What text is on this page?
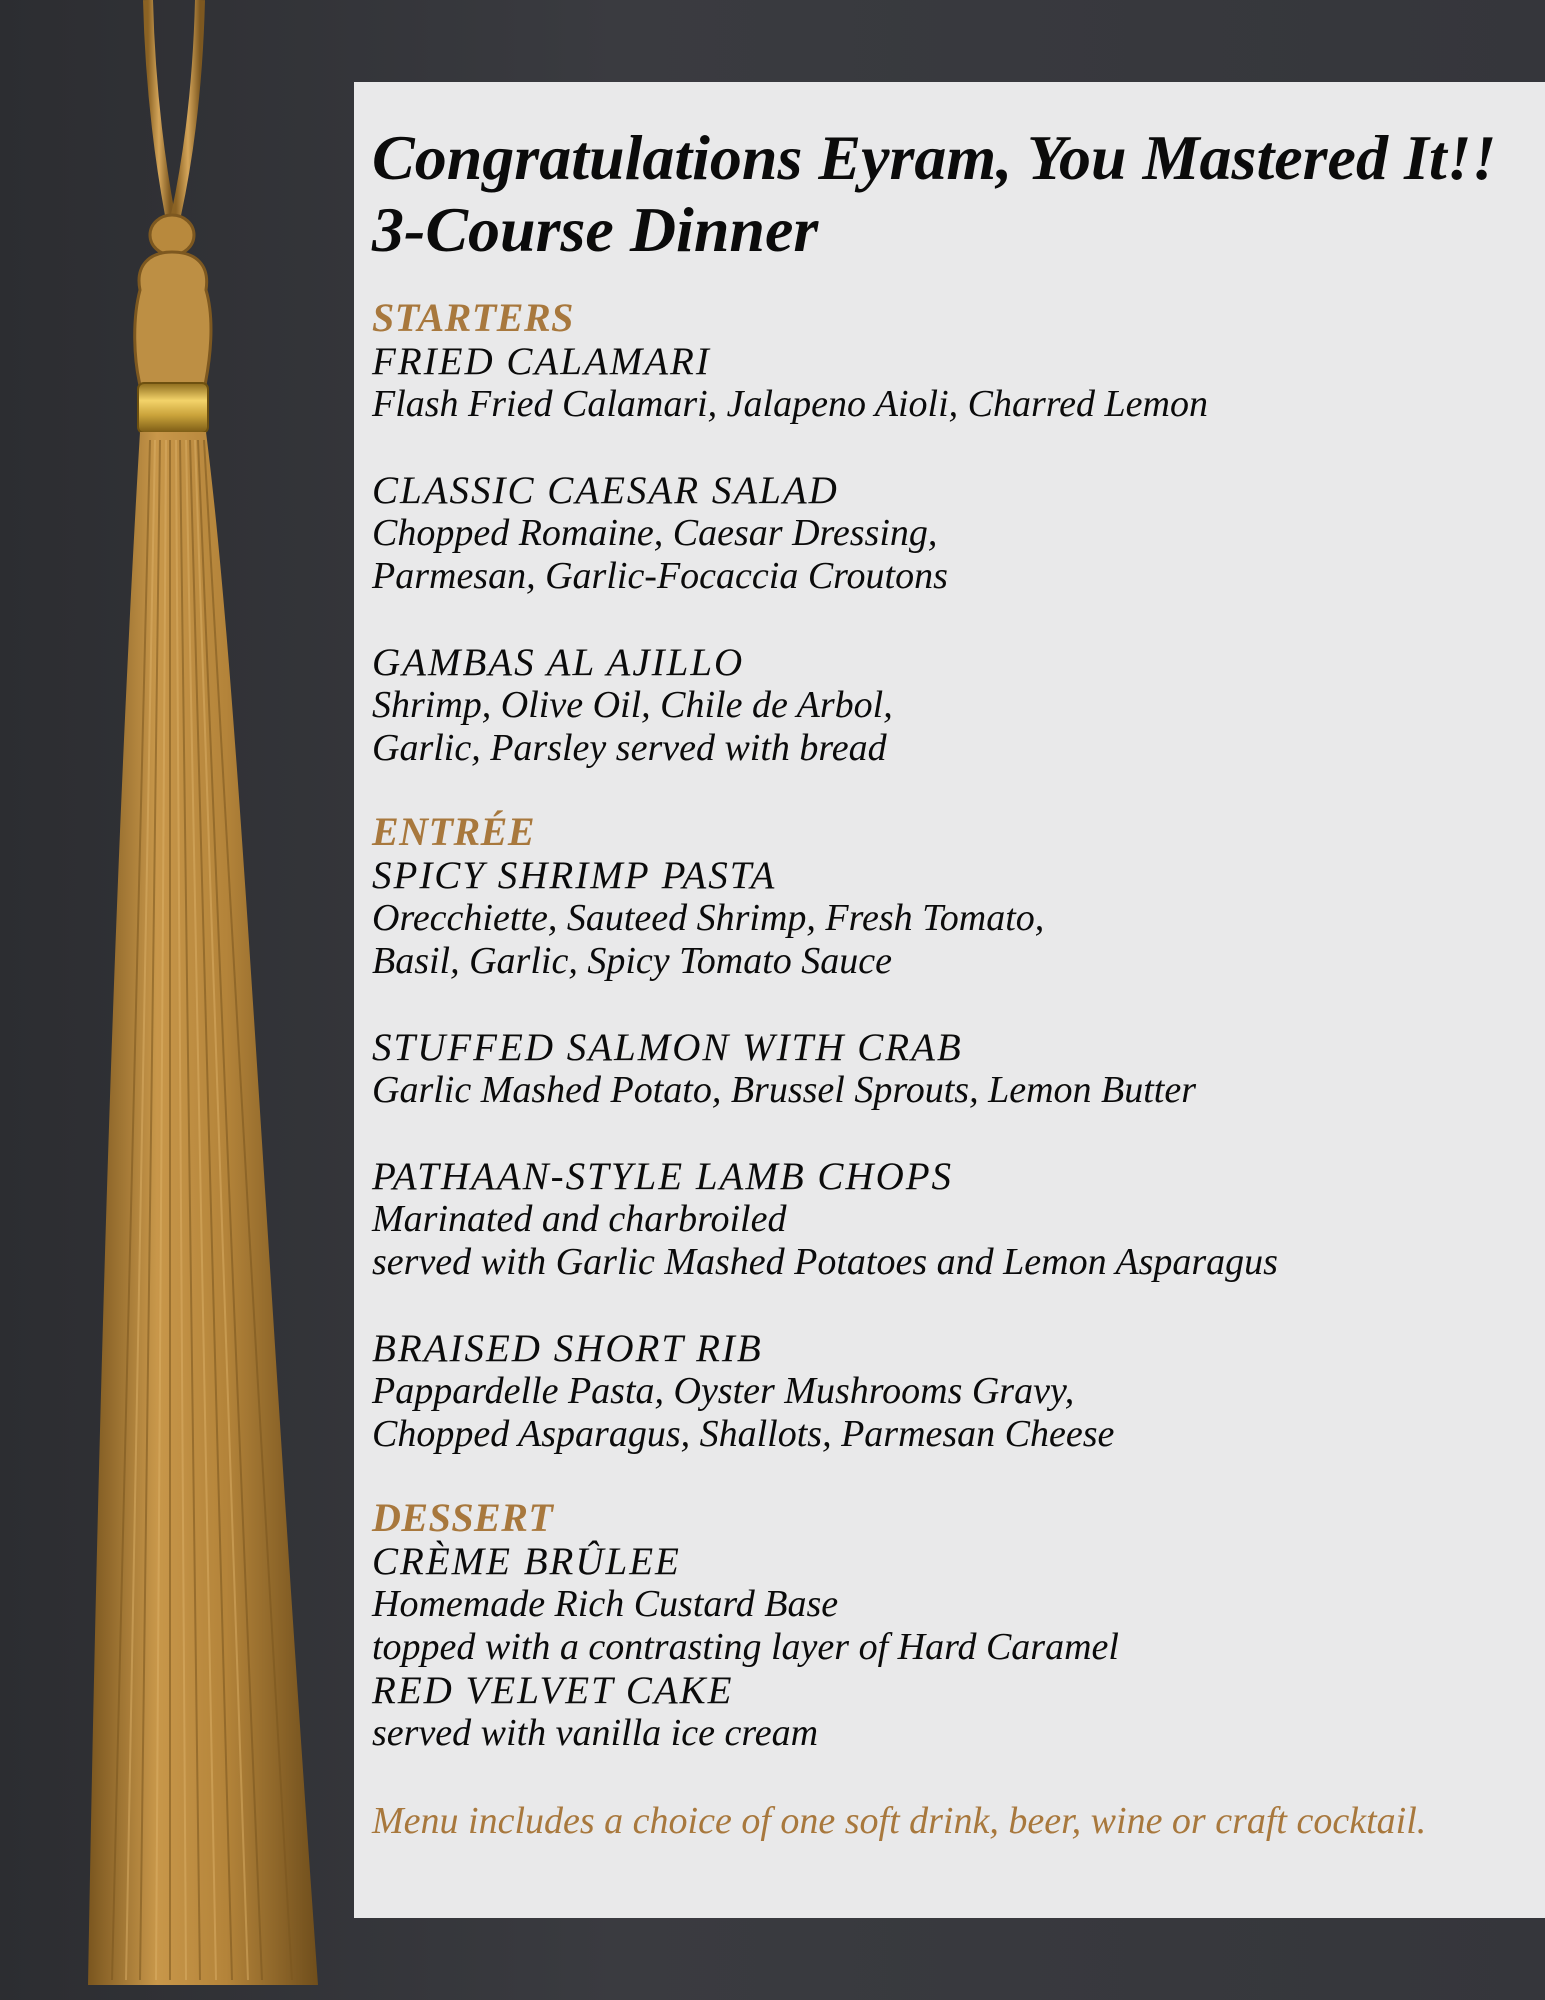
Congratulations Eyram, You Mastered It!!
3-Course Dinner
STARTERS
FRIED CALAMARI
Flash Fried Calamari, Jalapeno Aioli, Charred Lemon
CLASSIC CAESAR SALAD
Chopped Romaine, Caesar Dressing,
Parmesan, Garlic-Focaccia Croutons
GAMBAS AL AJILLO
Shrimp, Olive Oil, Chile de Arbol,
Garlic, Parsley served with bread
ENTRÉE
SPICY SHRIMP PASTA
Orecchiette, Sauteed Shrimp, Fresh Tomato,
Basil, Garlic, Spicy Tomato Sauce
STUFFED SALMON WITH CRAB
Garlic Mashed Potato, Brussel Sprouts, Lemon Butter
PATHAAN-STYLE LAMB CHOPS
Marinated and charbroiled
served with Garlic Mashed Potatoes and Lemon Asparagus
BRAISED SHORT RIB
Pappardelle Pasta, Oyster Mushrooms Gravy,
Chopped Asparagus, Shallots, Parmesan Cheese
DESSERT
CRÈME BRÛLEE
Homemade Rich Custard Base
topped with a contrasting layer of Hard Caramel
RED VELVET CAKE
served with vanilla ice cream
Menu includes a choice of one soft drink, beer, wine or craft cocktail.
